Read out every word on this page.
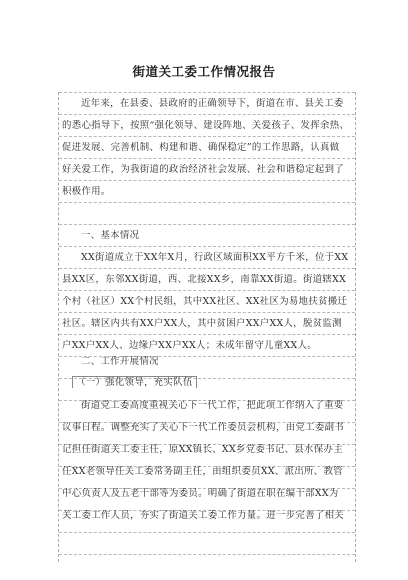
街道关工委工作情况报告
近年来，在县委、县政府的正确领导下，街道在市、县关工委
的悉心指导下，按照“强化领导、建设阵地、关爱孩子、发挥余热、
促进发展、完善机制、构建和谐、确保稳定”的工作思路，认真做
好关爱工作，为我街道的政治经济社会发展、社会和谐稳定起到了
积极作用。
一、基本情况
XX街道成立于XX年X月，行政区域面积XX平方千米，位于XX
县XX区，东邻XX街道，西、北接XX乡，南靠XX街道。街道辖XX
个村（社区）XX个村民组，其中XX社区、XX社区为易地扶贫搬迁
社区。辖区内共有XX户XX人，其中贫困户XX户XX人，脱贫监测
户XX户XX人、边缘户XX户XX人；未成年留守儿童XX人。
二、工作开展情况
（一）强化领导，充实队伍
街道党工委高度重视关心下一代工作，把此项工作纳入了重要
议事日程。调整充实了关心下一代工作委员会机构，由党工委副书
记担任街道关工委主任，原XX镇长、XX乡党委书记、县水保办主
任XX老领导任关工委常务副主任，由组织委员XX、派出所、教管
中心负责人及五老干部等为委员。明确了街道在职在编干部XX为
关工委工作人员，夯实了街道关工委工作力量。进一步完善了相关
